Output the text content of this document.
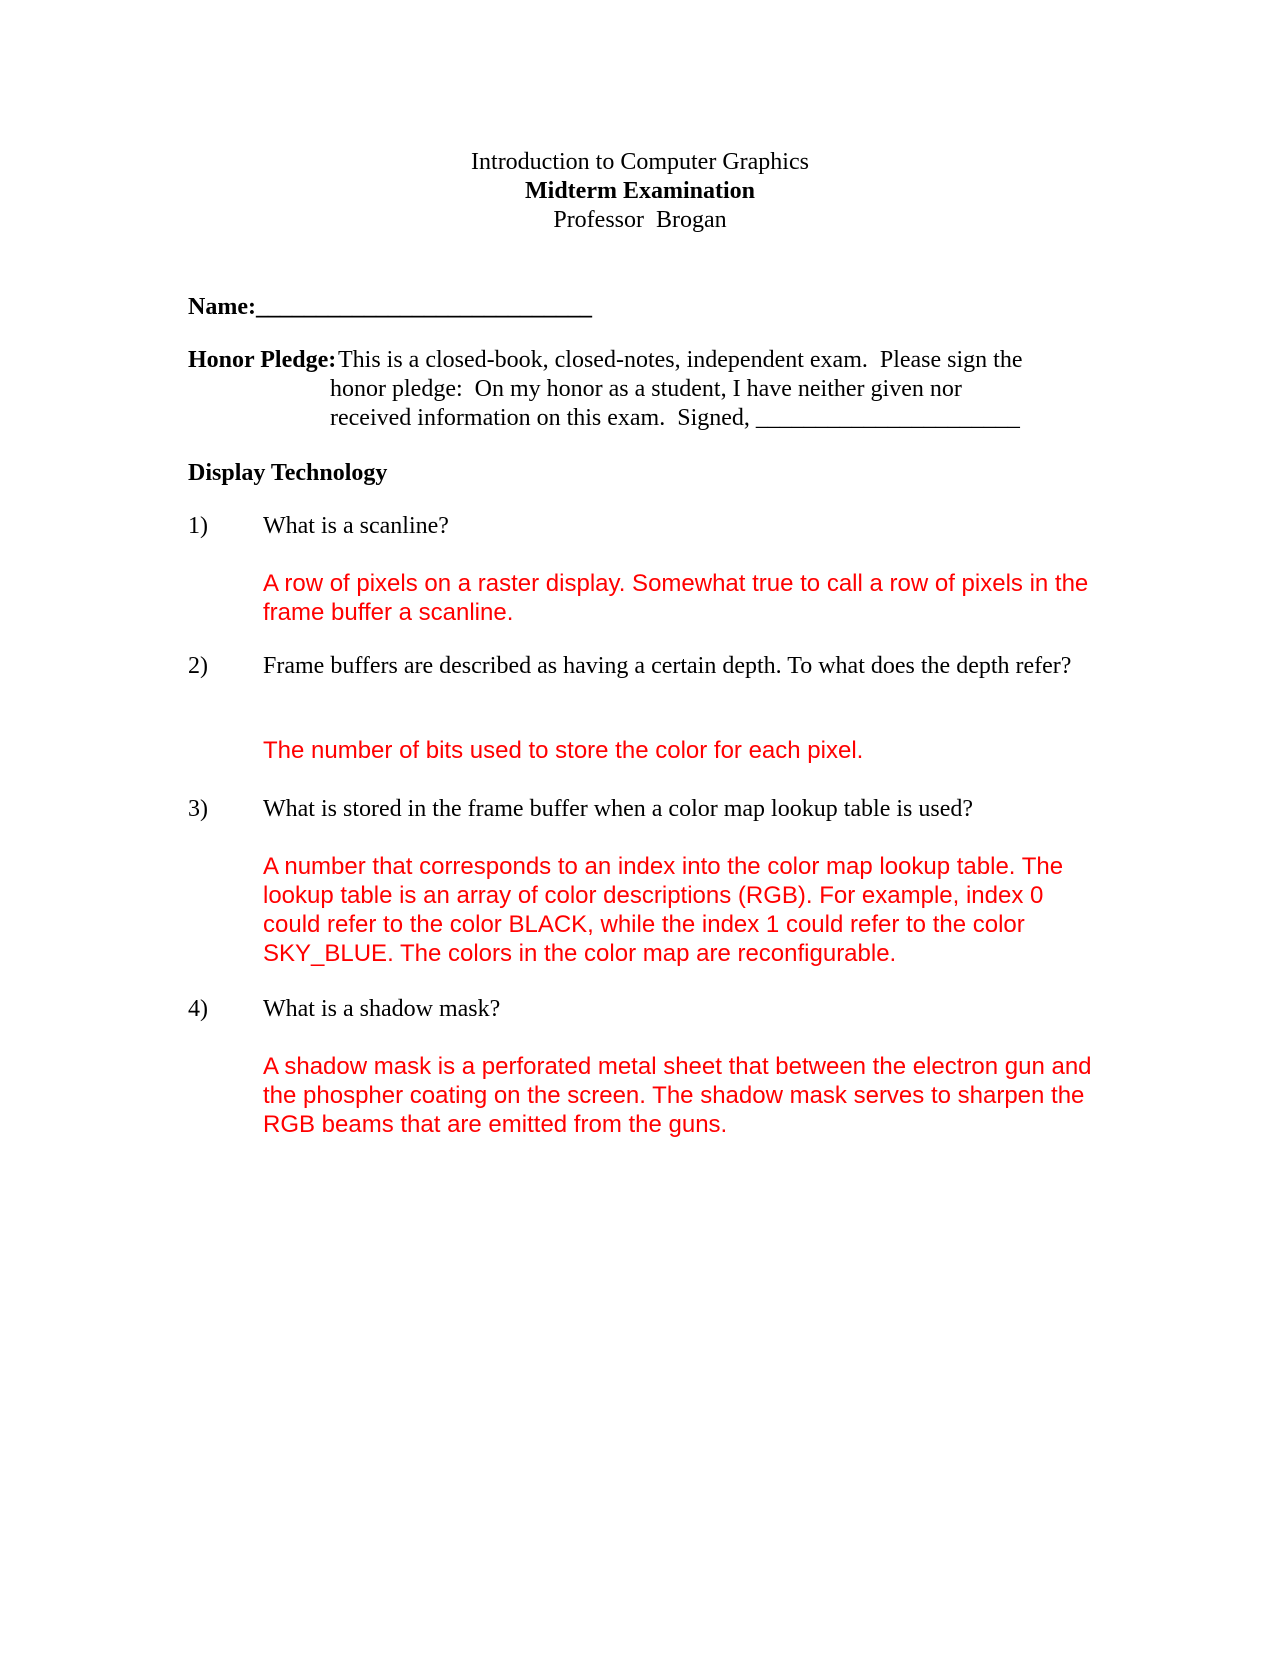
Introduction to Computer Graphics
Midterm Examination
Professor  Brogan
Name:____________________________
Honor Pledge: This is a closed-book, closed-notes, independent exam.  Please sign the
honor pledge:  On my honor as a student, I have neither given nor
received information on this exam.  Signed, ______________________
Display Technology
1) What is a scanline?
A row of pixels on a raster display. Somewhat true to call a row of pixels in the frame buffer a scanline.
2) Frame buffers are described as having a certain depth. To what does the depth refer?
The number of bits used to store the color for each pixel.
3) What is stored in the frame buffer when a color map lookup table is used?
A number that corresponds to an index into the color map lookup table. The lookup table is an array of color descriptions (RGB). For example, index 0 could refer to the color BLACK, while the index 1 could refer to the color SKY_BLUE. The colors in the color map are reconfigurable.
4) What is a shadow mask?
A shadow mask is a perforated metal sheet that between the electron gun and the phospher coating on the screen. The shadow mask serves to sharpen the RGB beams that are emitted from the guns.
